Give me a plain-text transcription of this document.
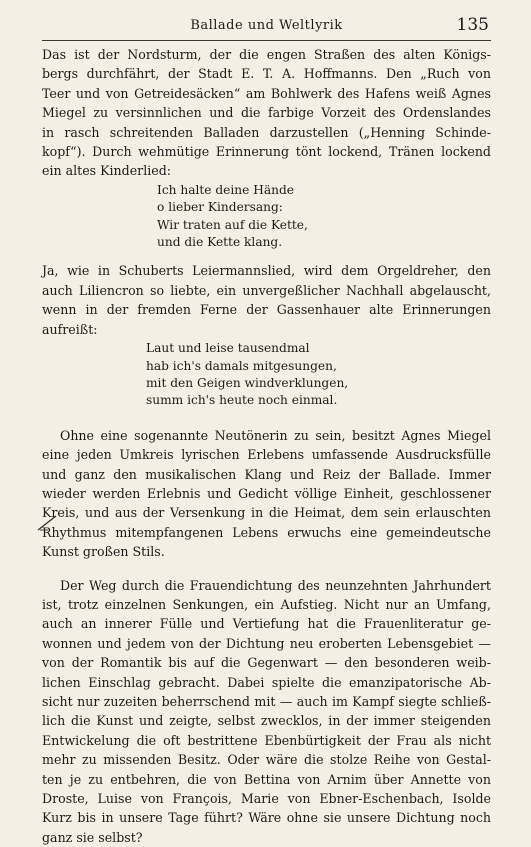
Ballade und Weltlyrik	135

Das ist der Nordsturm, der die engen Straßen des alten Königs-
bergs durchfährt, der Stadt E. T. A. Hoffmanns. Den „Ruch von
Teer und von Getreidesäcken“ am Bohlwerk des Hafens weiß Agnes
Miegel zu versinnlichen und die farbige Vorzeit des Ordenslandes
in rasch schreitenden Balladen darzustellen („Henning Schinde-
kopf“). Durch wehmütige Erinnerung tönt lockend, Tränen lockend
ein altes Kinderlied:

Ich halte deine Hände
o lieber Kindersang:
Wir traten auf die Kette,
und die Kette klang.

Ja, wie in Schuberts Leiermannslied, wird dem Orgeldreher, den
auch Liliencron so liebte, ein unvergeßlicher Nachhall abgelauscht,
wenn in der fremden Ferne der Gassenhauer alte Erinnerungen
aufreißt:

Laut und leise tausendmal
hab ich's damals mitgesungen,
mit den Geigen windverklungen,
summ ich's heute noch einmal.

Ohne eine sogenannte Neutönerin zu sein, besitzt Agnes Miegel
eine jeden Umkreis lyrischen Erlebens umfassende Ausdrucksfülle
und ganz den musikalischen Klang und Reiz der Ballade. Immer
wieder werden Erlebnis und Gedicht völlige Einheit, geschlossener
Kreis, und aus der Versenkung in die Heimat, dem sein erlauschten
Rhythmus mitempfangenen Lebens erwuchs eine gemeindeutsche
Kunst großen Stils.

Der Weg durch die Frauendichtung des neunzehnten Jahrhundert
ist, trotz einzelnen Senkungen, ein Aufstieg. Nicht nur an Umfang,
auch an innerer Fülle und Vertiefung hat die Frauenliteratur ge-
wonnen und jedem von der Dichtung neu eroberten Lebensgebiet —
von der Romantik bis auf die Gegenwart — den besonderen weib-
lichen Einschlag gebracht. Dabei spielte die emanzipatorische Ab-
sicht nur zuzeiten beherrschend mit — auch im Kampf siegte schließ-
lich die Kunst und zeigte, selbst zwecklos, in der immer steigenden
Entwickelung die oft bestrittene Ebenbürtigkeit der Frau als nicht
mehr zu missenden Besitz. Oder wäre die stolze Reihe von Gestal-
ten je zu entbehren, die von Bettina von Arnim über Annette von
Droste, Luise von François, Marie von Ebner-Eschenbach, Isolde
Kurz bis in unsere Tage führt? Wäre ohne sie unsere Dichtung noch
ganz sie selbst?
